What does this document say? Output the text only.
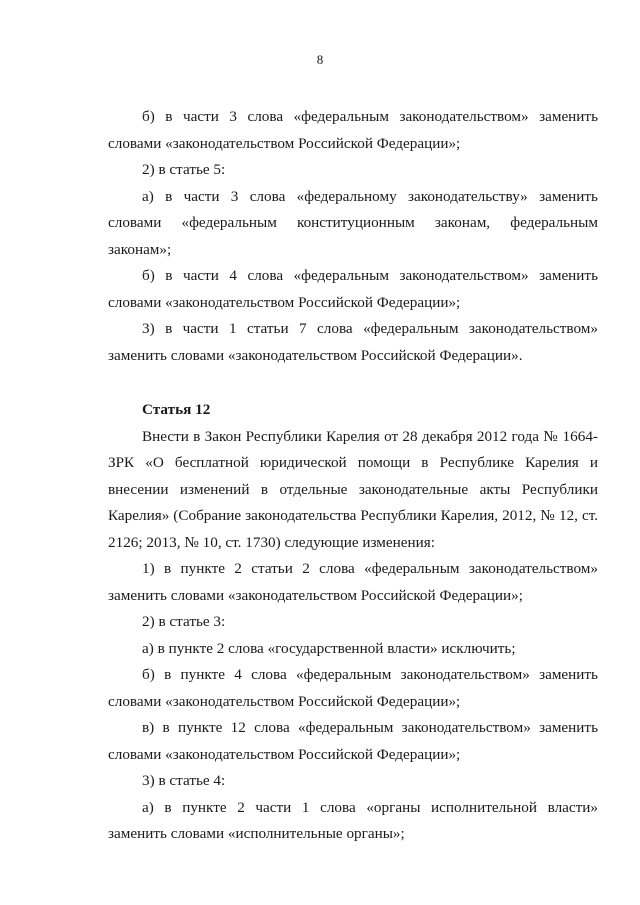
8

б) в части 3 слова «федеральным законодательством» заменить словами «законодательством Российской Федерации»;

2) в статье 5:

а) в части 3 слова «федеральному законодательству» заменить словами «федеральным конституционным законам, федеральным законам»;

б) в части 4 слова «федеральным законодательством» заменить словами «законодательством Российской Федерации»;

3) в части 1 статьи 7 слова «федеральным законодательством» заменить словами «законодательством Российской Федерации».

Статья 12

Внести в Закон Республики Карелия от 28 декабря 2012 года № 1664-ЗРК «О бесплатной юридической помощи в Республике Карелия и внесении изменений в отдельные законодательные акты Республики Карелия» (Собрание законодательства Республики Карелия, 2012, № 12, ст. 2126; 2013, № 10, ст. 1730) следующие изменения:

1) в пункте 2 статьи 2 слова «федеральным законодательством» заменить словами «законодательством Российской Федерации»;

2) в статье 3:

а) в пункте 2 слова «государственной власти» исключить;

б) в пункте 4 слова «федеральным законодательством» заменить словами «законодательством Российской Федерации»;

в) в пункте 12 слова «федеральным законодательством» заменить словами «законодательством Российской Федерации»;

3) в статье 4:

а) в пункте 2 части 1 слова «органы исполнительной власти» заменить словами «исполнительные органы»;
